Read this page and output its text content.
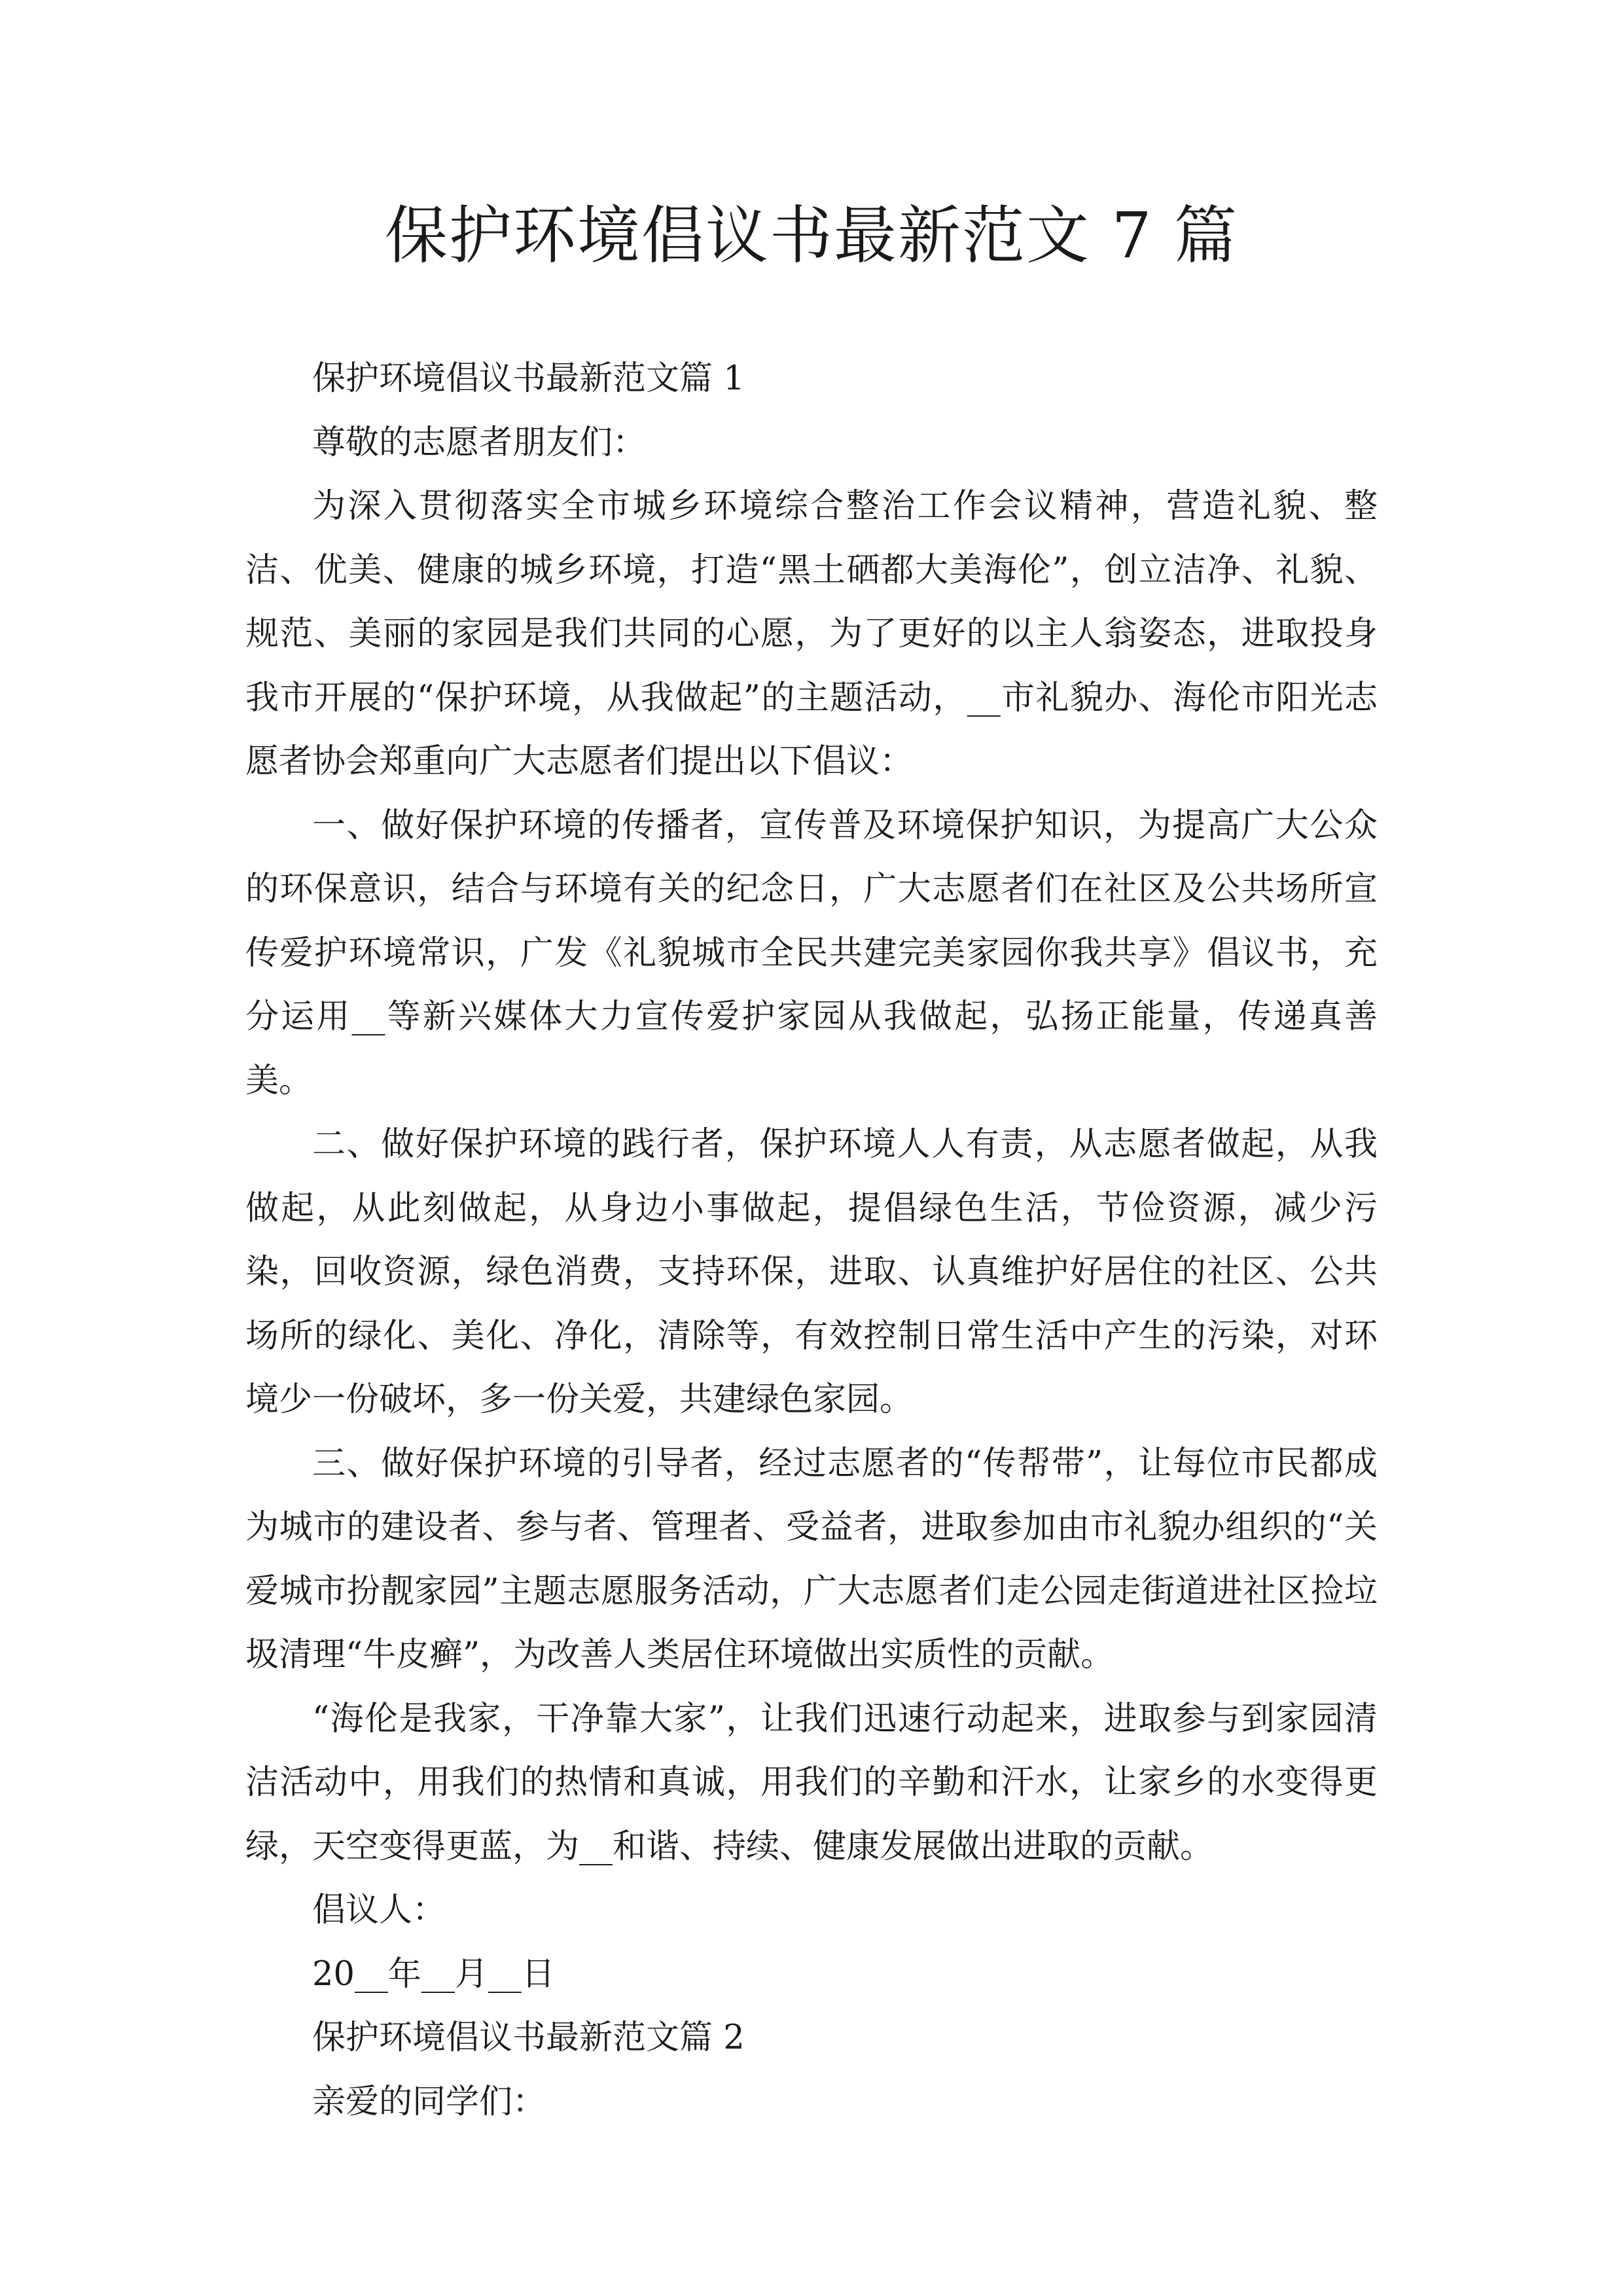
保护环境倡议书最新范文 7 篇

保护环境倡议书最新范文篇 1

尊敬的志愿者朋友们：

为深入贯彻落实全市城乡环境综合整治工作会议精神，营造礼貌、整洁、优美、健康的城乡环境，打造“黑土硒都大美海伦”，创立洁净、礼貌、规范、美丽的家园是我们共同的心愿，为了更好的以主人翁姿态，进取投身我市开展的“保护环境，从我做起”的主题活动，__市礼貌办、海伦市阳光志愿者协会郑重向广大志愿者们提出以下倡议：

一、做好保护环境的传播者，宣传普及环境保护知识，为提高广大公众的环保意识，结合与环境有关的纪念日，广大志愿者们在社区及公共场所宣传爱护环境常识，广发《礼貌城市全民共建完美家园你我共享》倡议书，充分运用__等新兴媒体大力宣传爱护家园从我做起，弘扬正能量，传递真善美。

二、做好保护环境的践行者，保护环境人人有责，从志愿者做起，从我做起，从此刻做起，从身边小事做起，提倡绿色生活，节俭资源，减少污染，回收资源，绿色消费，支持环保，进取、认真维护好居住的社区、公共场所的绿化、美化、净化，清除等，有效控制日常生活中产生的污染，对环境少一份破坏，多一份关爱，共建绿色家园。

三、做好保护环境的引导者，经过志愿者的“传帮带”，让每位市民都成为城市的建设者、参与者、管理者、受益者，进取参加由市礼貌办组织的“关爱城市扮靓家园”主题志愿服务活动，广大志愿者们走公园走街道进社区捡垃圾清理“牛皮癣”，为改善人类居住环境做出实质性的贡献。

“海伦是我家，干净靠大家”，让我们迅速行动起来，进取参与到家园清洁活动中，用我们的热情和真诚，用我们的辛勤和汗水，让家乡的水变得更绿，天空变得更蓝，为__和谐、持续、健康发展做出进取的贡献。

倡议人：

20__年__月__日

保护环境倡议书最新范文篇 2

亲爱的同学们：
